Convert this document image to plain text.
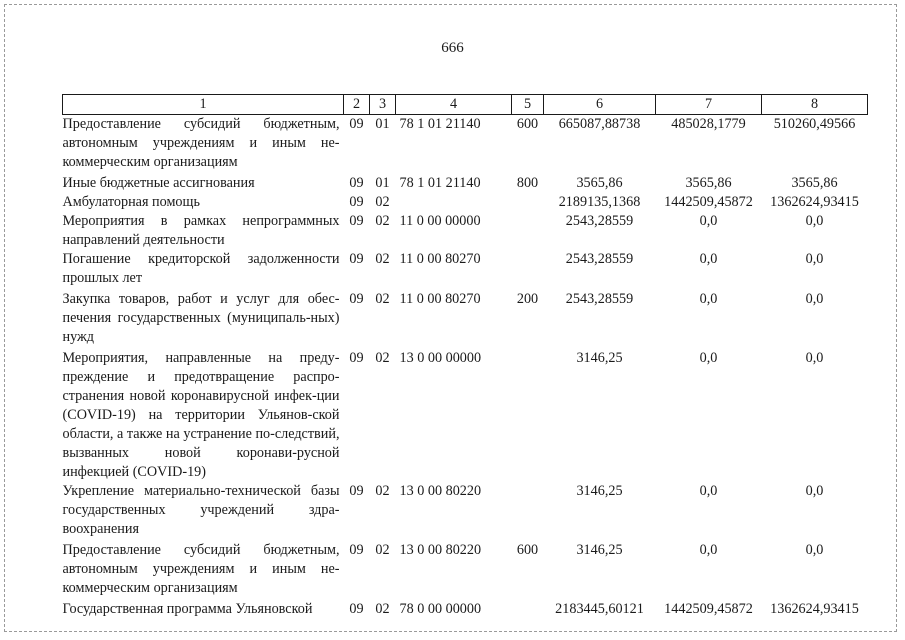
666
1	2	3	4	5	6	7	8
Предоставление субсидий бюджетным, автономным учреждениям и иным не-коммерческим организациям	09	01	78 1 01 21140	600	665087,88738	485028,1779	510260,49566
Иные бюджетные ассигнования	09	01	78 1 01 21140	800	3565,86	3565,86	3565,86
Амбулаторная помощь	09	02			2189135,1368	1442509,45872	1362624,93415
Мероприятия в рамках непрограммных направлений деятельности	09	02	11 0 00 00000		2543,28559	0,0	0,0
Погашение кредиторской задолженности прошлых лет	09	02	11 0 00 80270		2543,28559	0,0	0,0
Закупка товаров, работ и услуг для обес-печения государственных (муниципаль-ных) нужд	09	02	11 0 00 80270	200	2543,28559	0,0	0,0
Мероприятия, направленные на преду-преждение и предотвращение распро-странения новой коронавирусной инфек-ции (COVID-19) на территории Ульянов-ской области, а также на устранение по-следствий, вызванных новой коронави-русной инфекцией (COVID-19)	09	02	13 0 00 00000		3146,25	0,0	0,0
Укрепление материально-технической базы государственных учреждений здра-воохранения	09	02	13 0 00 80220		3146,25	0,0	0,0
Предоставление субсидий бюджетным, автономным учреждениям и иным не-коммерческим организациям	09	02	13 0 00 80220	600	3146,25	0,0	0,0
Государственная программа Ульяновской	09	02	78 0 00 00000		2183445,60121	1442509,45872	1362624,93415
